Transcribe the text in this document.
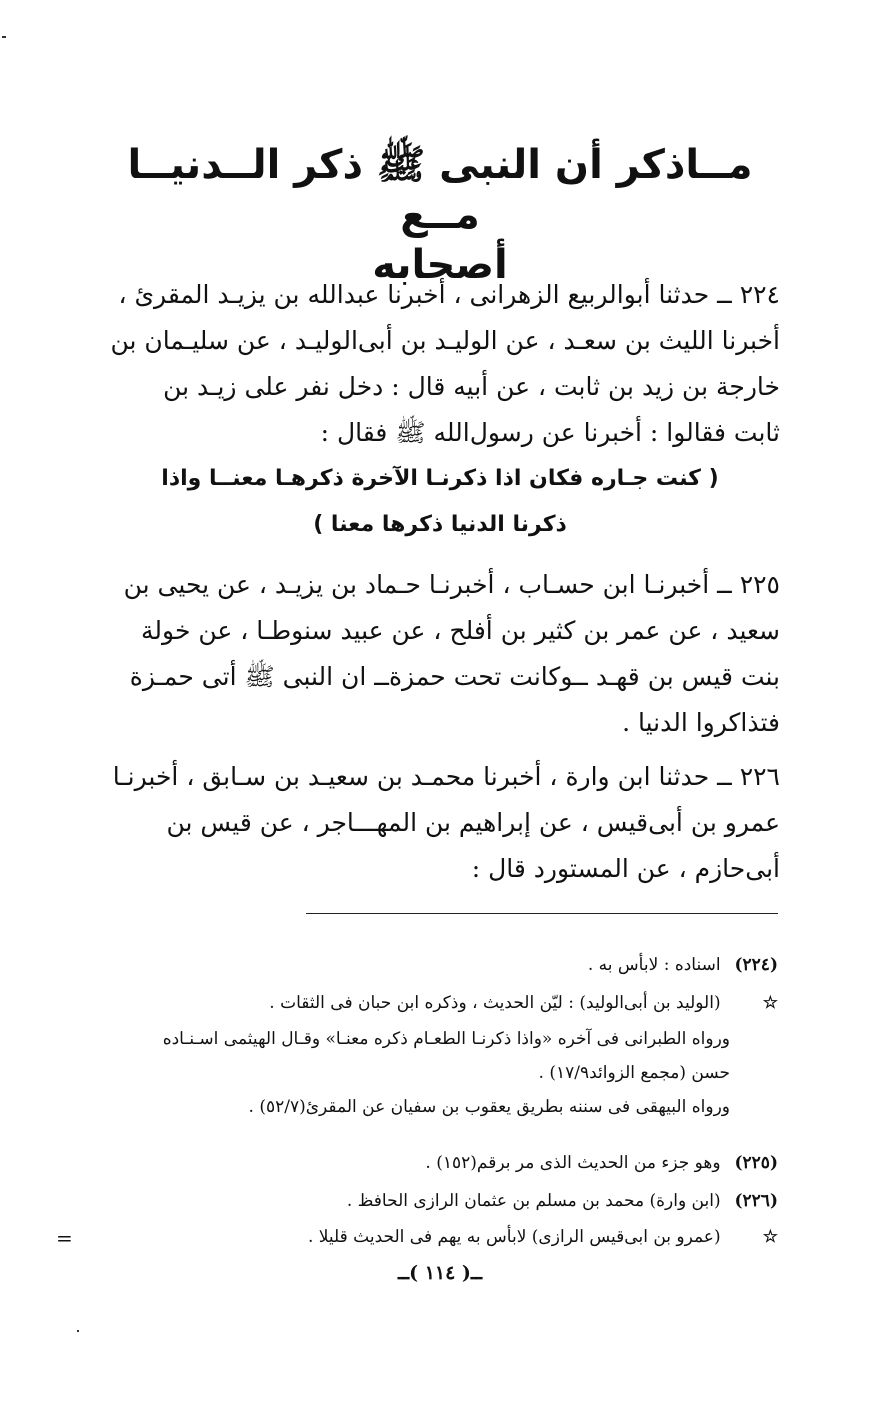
مــاذكر أن النبى ﷺ ذكر الــدنيــا مــع
أصحابه
٢٢٤ ــ حدثنا أبوالربيع الزهرانى ، أخبرنا عبدالله بن يزيـد المقرئ ،
أخبرنا الليث بن سعـد ، عن الوليـد بن أبى‌الوليـد ، عن سليـمان بن
خارجة بن زيد بن ثابت ، عن أبيه قال : دخل نفر على زيـد بن
ثابت فقالوا : أخبرنا عن رسول‌الله ﷺ فقال :
( كنت جـاره فكان اذا ذكرنـا الآخرة ذكرهـا معنــا واذا
ذكرنا الدنيا ذكرها معنا )
٢٢٥ ــ أخبرنـا ابن حسـاب ، أخبرنـا حـماد بن يزيـد ، عن يحيى بن
سعيد ، عن عمر بن كثير بن أفلح ، عن عبيد سنوطـا ، عن خولة
بنت قيس بن قهـد ــوكانت تحت حمزةــ ان النبى ﷺ أتى حمـزة
فتذاكروا الدنيا .
٢٢٦ ــ حدثنا ابن وارة ، أخبرنا محمـد بن سعيـد بن سـابق ، أخبرنـا
عمرو بن أبى‌قيس ، عن إبراهيم بن المهـــاجر ، عن قيس بن
أبى‌حازم ، عن المستورد قال :
(٢٢٤) اسناده : لابأس به .
☆ (الوليد بن أبى‌الوليد) : ليّن الحديث ، وذكره ابن حبان فى الثقات .
ورواه الطبرانى فى آخره «واذا ذكرنـا الطعـام ذكره معنـا» وقـال الهيثمى اسـنـاده
حسن (مجمع الزوائد١٧/٩) .
ورواه البيهقى فى سننه بطريق يعقوب بن سفيان عن المقرئ(٥٢/٧) .
(٢٢٥) وهو جزء من الحديث الذى مر برقم(١٥٢) .
(٢٢٦) (ابن وارة) محمد بن مسلم بن عثمان الرازى الحافظ .
☆ (عمرو بن ابى‌قيس الرازى) لابأس به يهم فى الحديث قليلا .
ــ( ١١٤ )ــ
=
